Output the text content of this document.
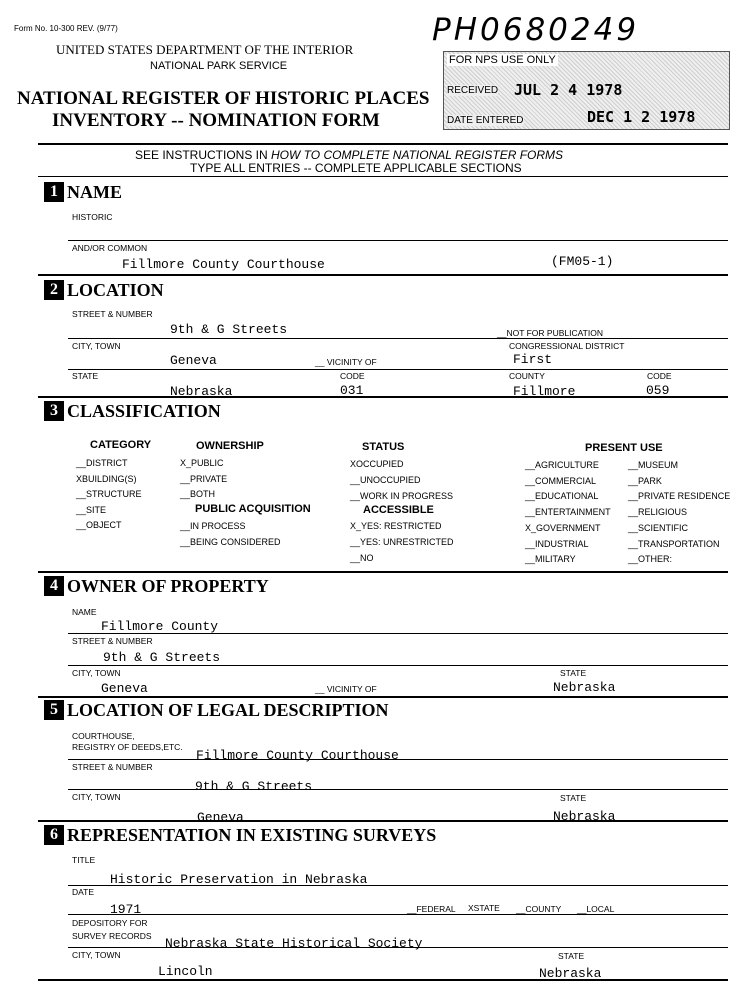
Form No. 10-300 REV. (9/77)
UNITED STATES DEPARTMENT OF THE INTERIOR
NATIONAL PARK SERVICE
NATIONAL REGISTER OF HISTORIC PLACES
INVENTORY -- NOMINATION FORM
PH0680249
FOR NPS USE ONLY
RECEIVED JUL 2 4 1978
DATE ENTERED	DEC 1 2 1978
SEE INSTRUCTIONS IN HOW TO COMPLETE NATIONAL REGISTER FORMS
TYPE ALL ENTRIES -- COMPLETE APPLICABLE SECTIONS
1 NAME
HISTORIC
AND/OR COMMON
Fillmore County Courthouse	(FM05-1)
2 LOCATION
STREET & NUMBER
9th & G Streets	__NOT FOR PUBLICATION
CITY, TOWN	CONGRESSIONAL DISTRICT
Geneva	__ VICINITY OF	First
STATE	CODE	COUNTY	CODE
Nebraska	031	Fillmore	059
3 CLASSIFICATION
CATEGORY	OWNERSHIP	STATUS	PRESENT USE
PUBLIC ACQUISITION	ACCESSIBLE
__DISTRICT
XBUILDING(S)
__STRUCTURE
__SITE
__OBJECT
X_PUBLIC
__PRIVATE
__BOTH
__IN PROCESS
__BEING CONSIDERED
XOCCUPIED
__UNOCCUPIED
__WORK IN PROGRESS
X_YES: RESTRICTED
__YES: UNRESTRICTED
__NO
__AGRICULTURE
__COMMERCIAL
__EDUCATIONAL
__ENTERTAINMENT
X_GOVERNMENT
__INDUSTRIAL
__MILITARY
__MUSEUM
__PARK
__PRIVATE RESIDENCE
__RELIGIOUS
__SCIENTIFIC
__TRANSPORTATION
__OTHER:
4 OWNER OF PROPERTY
NAME
Fillmore County
STREET & NUMBER
9th & G Streets
CITY, TOWN	STATE
Geneva	__ VICINITY OF	Nebraska
5 LOCATION OF LEGAL DESCRIPTION
COURTHOUSE,
REGISTRY OF DEEDS,ETC.
Fillmore County Courthouse
STREET & NUMBER
9th & G Streets
CITY, TOWN	STATE
Geneva	Nebraska
6 REPRESENTATION IN EXISTING SURVEYS
TITLE
Historic Preservation in Nebraska
DATE
1971	__FEDERAL XSTATE __COUNTY __LOCAL
DEPOSITORY FOR
SURVEY RECORDS Nebraska State Historical Society
CITY, TOWN	STATE
Lincoln	Nebraska
